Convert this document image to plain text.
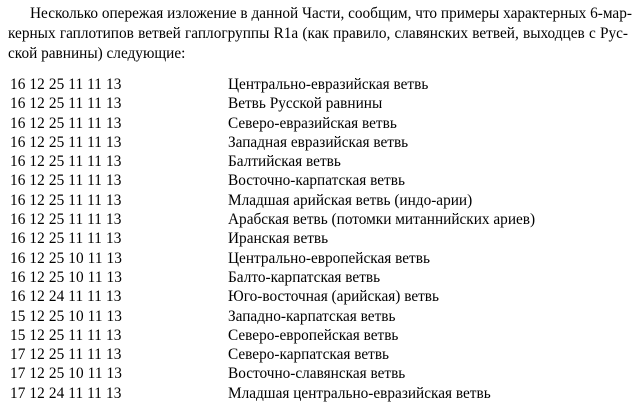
Несколько опережая изложение в данной Части, сообщим, что примеры характерных 6-мар-
керных гаплотипов ветвей гаплогруппы R1a (как правило, славянских ветвей, выходцев с Рус-
ской равнины) следующие:
16 12 25 11 11 13	Центрально-евразийская ветвь
16 12 25 11 11 13	Ветвь Русской равнины
16 12 25 11 11 13	Северо-евразийская ветвь
16 12 25 11 11 13	Западная евразийская ветвь
16 12 25 11 11 13	Балтийская ветвь
16 12 25 11 11 13	Восточно-карпатская ветвь
16 12 25 11 11 13	Младшая арийская ветвь (индо-арии)
16 12 25 11 11 13	Арабская ветвь (потомки митаннийских ариев)
16 12 25 11 11 13	Иранская ветвь
16 12 25 10 11 13	Центрально-европейская ветвь
16 12 25 10 11 13	Балто-карпатская ветвь
16 12 24 11 11 13	Юго-восточная (арийская) ветвь
15 12 25 10 11 13	Западно-карпатская ветвь
15 12 25 11 11 13	Северо-европейская ветвь
17 12 25 11 11 13	Северо-карпатская ветвь
17 12 25 10 11 13	Восточно-славянская ветвь
17 12 24 11 11 13	Младшая центрально-евразийская ветвь
